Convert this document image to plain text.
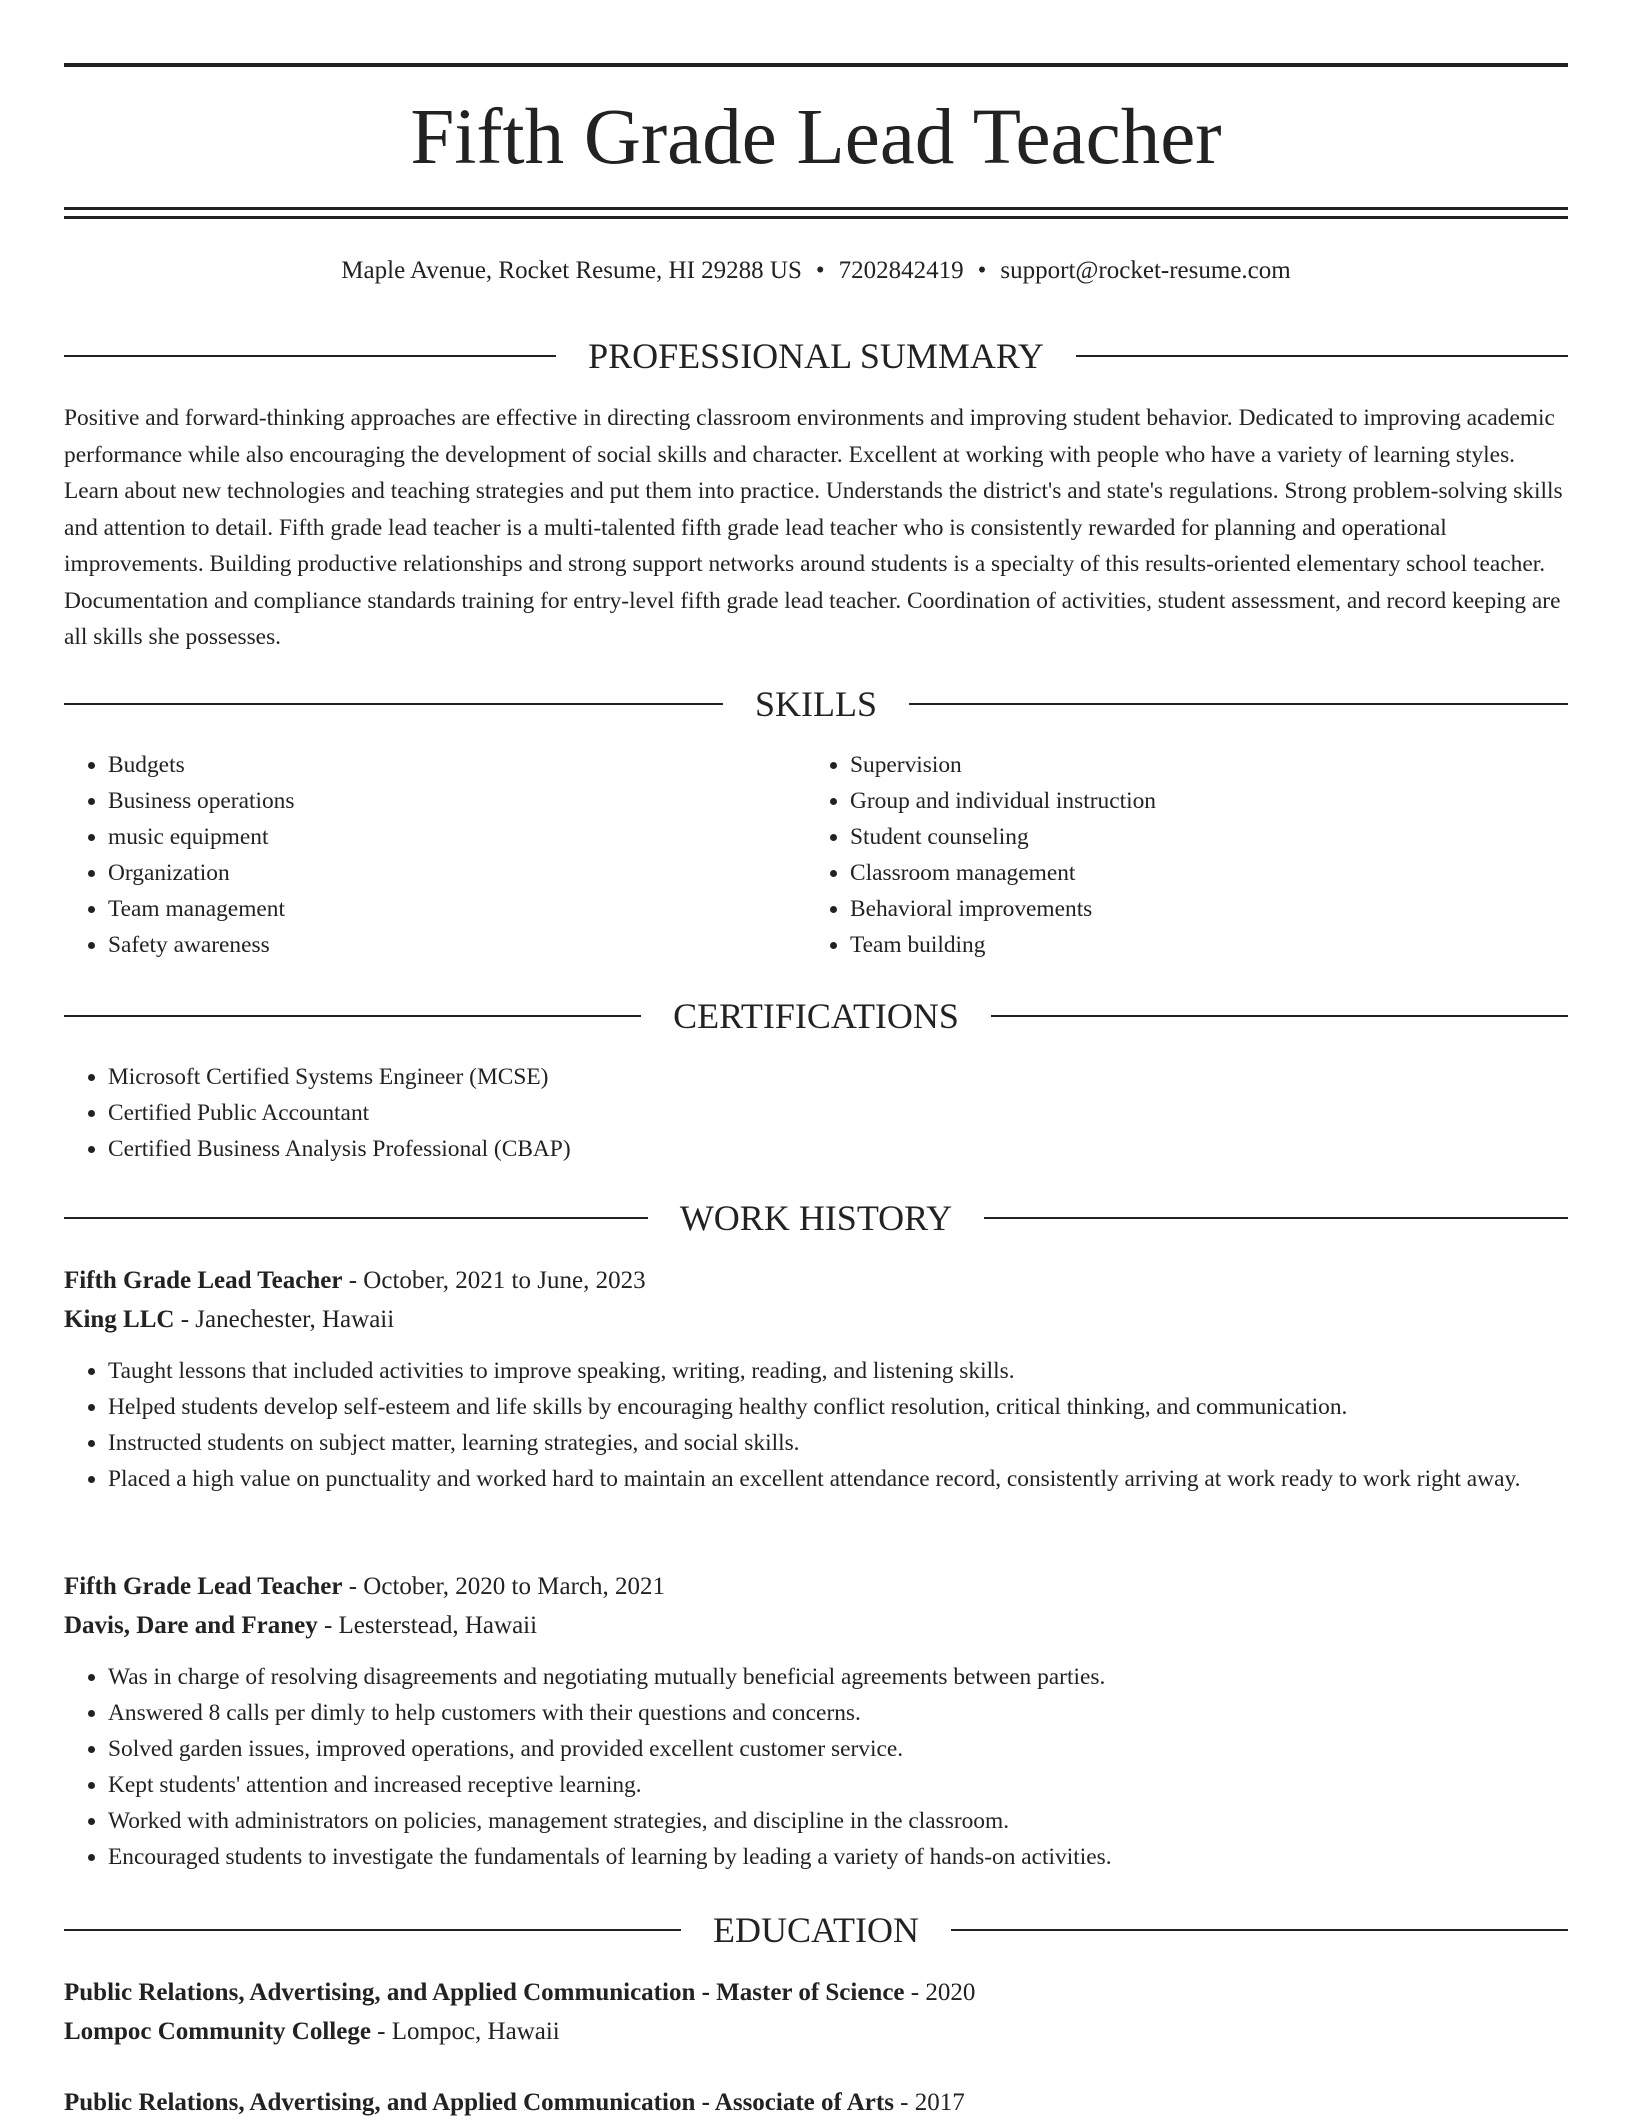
Fifth Grade Lead Teacher
Maple Avenue, Rocket Resume, HI 29288 US • 7202842419 • support@rocket-resume.com
PROFESSIONAL SUMMARY

Positive and forward-thinking approaches are effective in directing classroom environments and improving student behavior. Dedicated to improving academic performance while also encouraging the development of social skills and character. Excellent at working with people who have a variety of learning styles. Learn about new technologies and teaching strategies and put them into practice. Understands the district's and state's regulations. Strong problem-solving skills and attention to detail. Fifth grade lead teacher is a multi-talented fifth grade lead teacher who is consistently rewarded for planning and operational improvements. Building productive relationships and strong support networks around students is a specialty of this results-oriented elementary school teacher. Documentation and compliance standards training for entry-level fifth grade lead teacher. Coordination of activities, student assessment, and record keeping are all skills she possesses.

SKILLS
• Budgets
• Business operations
• music equipment
• Organization
• Team management
• Safety awareness
• Supervision
• Group and individual instruction
• Student counseling
• Classroom management
• Behavioral improvements
• Team building
CERTIFICATIONS
• Microsoft Certified Systems Engineer (MCSE)
• Certified Public Accountant
• Certified Business Analysis Professional (CBAP)
WORK HISTORY
Fifth Grade Lead Teacher - October, 2021 to June, 2023
King LLC - Janechester, Hawaii
• Taught lessons that included activities to improve speaking, writing, reading, and listening skills.
• Helped students develop self-esteem and life skills by encouraging healthy conflict resolution, critical thinking, and communication.
• Instructed students on subject matter, learning strategies, and social skills.
• Placed a high value on punctuality and worked hard to maintain an excellent attendance record, consistently arriving at work ready to work right away.
Fifth Grade Lead Teacher - October, 2020 to March, 2021
Davis, Dare and Franey - Lesterstead, Hawaii
• Was in charge of resolving disagreements and negotiating mutually beneficial agreements between parties.
• Answered 8 calls per dimly to help customers with their questions and concerns.
• Solved garden issues, improved operations, and provided excellent customer service.
• Kept students' attention and increased receptive learning.
• Worked with administrators on policies, management strategies, and discipline in the classroom.
• Encouraged students to investigate the fundamentals of learning by leading a variety of hands-on activities.
EDUCATION
Public Relations, Advertising, and Applied Communication - Master of Science - 2020
Lompoc Community College - Lompoc, Hawaii
Public Relations, Advertising, and Applied Communication - Associate of Arts - 2017
